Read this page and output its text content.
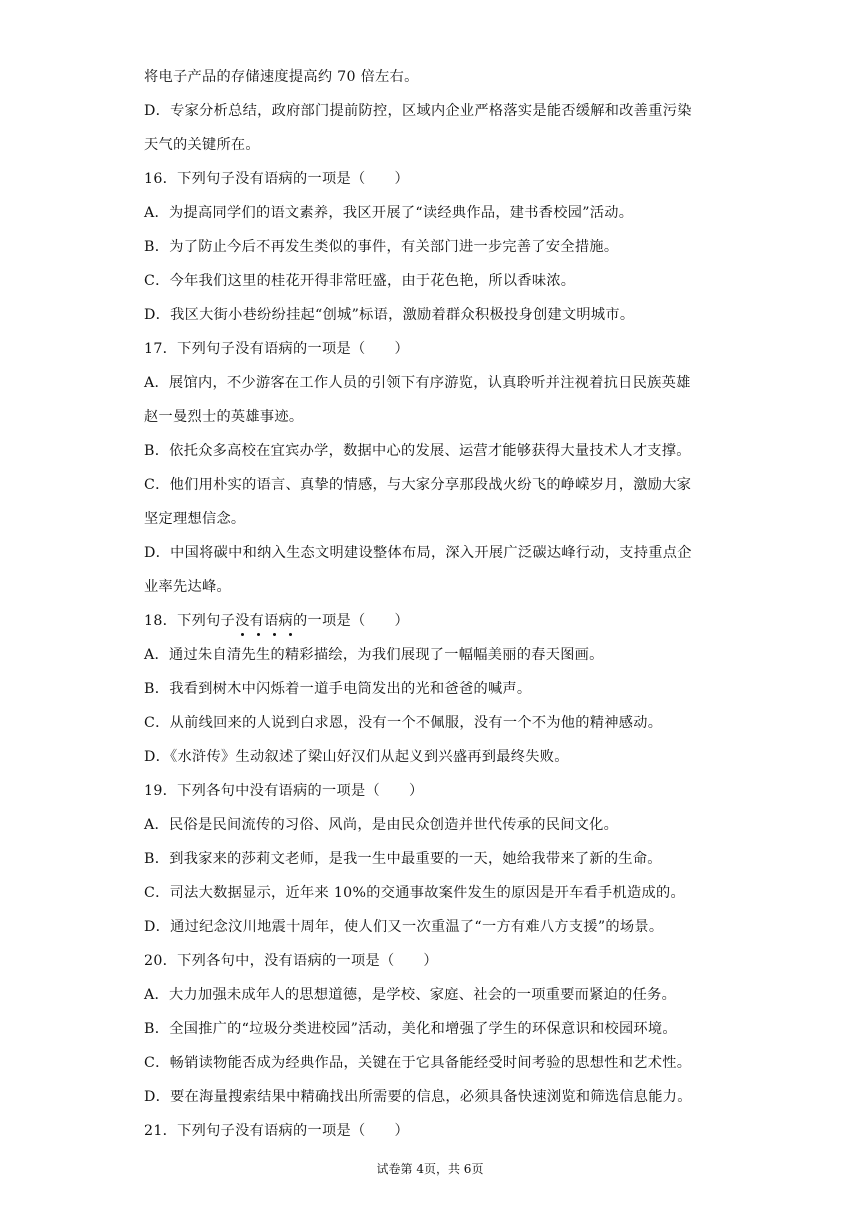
将电子产品的存储速度提高约 70 倍左右。
D．专家分析总结，政府部门提前防控，区域内企业严格落实是能否缓解和改善重污染
天气的关键所在。
16．下列句子没有语病的一项是（　　）
A．为提高同学们的语文素养，我区开展了“读经典作品，建书香校园”活动。
B．为了防止今后不再发生类似的事件，有关部门进一步完善了安全措施。
C．今年我们这里的桂花开得非常旺盛，由于花色艳，所以香味浓。
D．我区大街小巷纷纷挂起“创城”标语，激励着群众积极投身创建文明城市。
17．下列句子没有语病的一项是（　　）
A．展馆内，不少游客在工作人员的引领下有序游览，认真聆听并注视着抗日民族英雄
赵一曼烈士的英雄事迹。
B．依托众多高校在宜宾办学，数据中心的发展、运营才能够获得大量技术人才支撑。
C．他们用朴实的语言、真挚的情感，与大家分享那段战火纷飞的峥嵘岁月，激励大家
坚定理想信念。
D．中国将碳中和纳入生态文明建设整体布局，深入开展广泛碳达峰行动，支持重点企
业率先达峰。
18．下列句子没有语病的一项是（　　）
A．通过朱自清先生的精彩描绘，为我们展现了一幅幅美丽的春天图画。
B．我看到树木中闪烁着一道手电筒发出的光和爸爸的喊声。
C．从前线回来的人说到白求恩，没有一个不佩服，没有一个不为他的精神感动。
D．《水浒传》生动叙述了梁山好汉们从起义到兴盛再到最终失败。
19．下列各句中没有语病的一项是（　　）
A．民俗是民间流传的习俗、风尚，是由民众创造并世代传承的民间文化。
B．到我家来的莎莉文老师，是我一生中最重要的一天，她给我带来了新的生命。
C．司法大数据显示，近年来 10%的交通事故案件发生的原因是开车看手机造成的。
D．通过纪念汶川地震十周年，使人们又一次重温了“一方有难八方支援”的场景。
20．下列各句中，没有语病的一项是（　　）
A．大力加强未成年人的思想道德，是学校、家庭、社会的一项重要而紧迫的任务。
B．全国推广的“垃圾分类进校园”活动，美化和增强了学生的环保意识和校园环境。
C．畅销读物能否成为经典作品，关键在于它具备能经受时间考验的思想性和艺术性。
D．要在海量搜索结果中精确找出所需要的信息，必须具备快速浏览和筛选信息能力。
21．下列句子没有语病的一项是（　　）
试卷第 4页，共 6页
